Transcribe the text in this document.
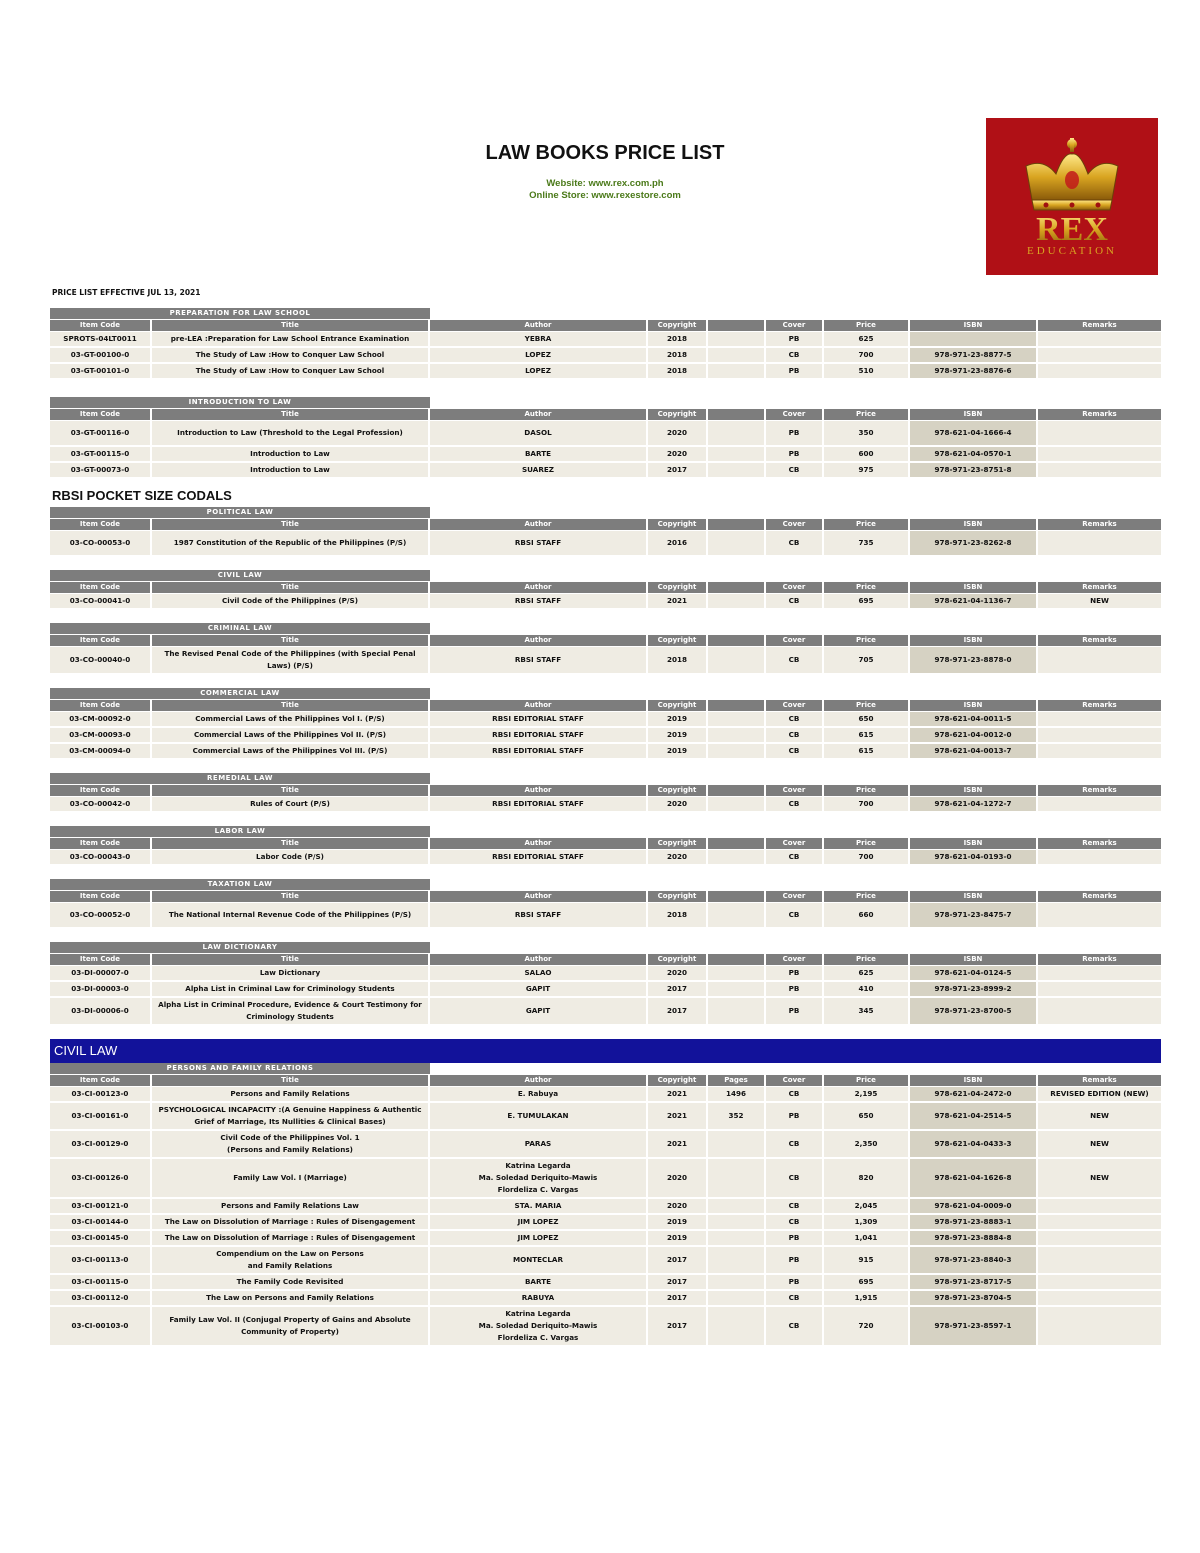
LAW BOOKS PRICE LIST
Website: www.rex.com.ph
Online Store: www.rexestore.com
REX
EDUCATION
PRICE LIST EFFECTIVE JUL 13, 2021
PREPARATION FOR LAW SCHOOL
Item Code	Title	Author	Copyright		Cover	Price	ISBN	Remarks
SPROTS-04LT0011	pre-LEA :Preparation for Law School Entrance Examination	YEBRA	2018		PB	625		
03-GT-00100-0	The Study of Law :How to Conquer Law School	LOPEZ	2018		CB	700	978-971-23-8877-5	
03-GT-00101-0	The Study of Law :How to Conquer Law School	LOPEZ	2018		PB	510	978-971-23-8876-6	
INTRODUCTION TO LAW
Item Code	Title	Author	Copyright		Cover	Price	ISBN	Remarks
03-GT-00116-0	Introduction to Law (Threshold to the Legal Profession)	DASOL	2020		PB	350	978-621-04-1666-4	
03-GT-00115-0	Introduction to Law	BARTE	2020		PB	600	978-621-04-0570-1	
03-GT-00073-0	Introduction to Law	SUAREZ	2017		CB	975	978-971-23-8751-8	
RBSI POCKET SIZE CODALS
POLITICAL LAW
Item Code	Title	Author	Copyright		Cover	Price	ISBN	Remarks
03-CO-00053-0	1987 Constitution of the Republic of the Philippines (P/S)	RBSI STAFF	2016		CB	735	978-971-23-8262-8	
CIVIL LAW
Item Code	Title	Author	Copyright		Cover	Price	ISBN	Remarks
03-CO-00041-0	Civil Code of the Philippines (P/S)	RBSI STAFF	2021		CB	695	978-621-04-1136-7	NEW
CRIMINAL LAW
Item Code	Title	Author	Copyright		Cover	Price	ISBN	Remarks
03-CO-00040-0	The Revised Penal Code of the Philippines (with Special Penal Laws) (P/S)	RBSI STAFF	2018		CB	705	978-971-23-8878-0	
COMMERCIAL LAW
Item Code	Title	Author	Copyright		Cover	Price	ISBN	Remarks
03-CM-00092-0	Commercial Laws of the Philippines Vol I. (P/S)	RBSI EDITORIAL STAFF	2019		CB	650	978-621-04-0011-5	
03-CM-00093-0	Commercial Laws of the Philippines Vol II. (P/S)	RBSI EDITORIAL STAFF	2019		CB	615	978-621-04-0012-0	
03-CM-00094-0	Commercial Laws of the Philippines Vol III. (P/S)	RBSI EDITORIAL STAFF	2019		CB	615	978-621-04-0013-7	
REMEDIAL LAW
Item Code	Title	Author	Copyright		Cover	Price	ISBN	Remarks
03-CO-00042-0	Rules of Court (P/S)	RBSI EDITORIAL STAFF	2020		CB	700	978-621-04-1272-7	
LABOR LAW
Item Code	Title	Author	Copyright		Cover	Price	ISBN	Remarks
03-CO-00043-0	Labor Code (P/S)	RBSI EDITORIAL STAFF	2020		CB	700	978-621-04-0193-0	
TAXATION LAW
Item Code	Title	Author	Copyright		Cover	Price	ISBN	Remarks
03-CO-00052-0	The National Internal Revenue Code of the Philippines (P/S)	RBSI STAFF	2018		CB	660	978-971-23-8475-7	
LAW DICTIONARY
Item Code	Title	Author	Copyright		Cover	Price	ISBN	Remarks
03-DI-00007-0	Law Dictionary	SALAO	2020		PB	625	978-621-04-0124-5	
03-DI-00003-0	Alpha List in Criminal Law for Criminology Students	GAPIT	2017		PB	410	978-971-23-8999-2	
03-DI-00006-0	Alpha List in Criminal Procedure, Evidence & Court Testimony for Criminology Students	GAPIT	2017		PB	345	978-971-23-8700-5	
CIVIL LAW
PERSONS AND FAMILY RELATIONS
Item Code	Title	Author	Copyright	Pages	Cover	Price	ISBN	Remarks
03-CI-00123-0	Persons and Family Relations	E. Rabuya	2021	1496	CB	2,195	978-621-04-2472-0	REVISED EDITION (NEW)
03-CI-00161-0	PSYCHOLOGICAL INCAPACITY :(A Genuine Happiness & Authentic Grief of Marriage, Its Nullities & Clinical Bases)	E. TUMULAKAN	2021	352	PB	650	978-621-04-2514-5	NEW
03-CI-00129-0	Civil Code of the Philippines Vol. 1
(Persons and Family Relations)	PARAS	2021		CB	2,350	978-621-04-0433-3	NEW
03-CI-00126-0	Family Law Vol. I (Marriage)	Katrina Legarda
Ma. Soledad Deriquito-Mawis
Flordeliza C. Vargas	2020		CB	820	978-621-04-1626-8	NEW
03-CI-00121-0	Persons and Family Relations Law	STA. MARIA	2020		CB	2,045	978-621-04-0009-0	
03-CI-00144-0	The Law on Dissolution of Marriage : Rules of Disengagement	JIM LOPEZ	2019		CB	1,309	978-971-23-8883-1	
03-CI-00145-0	The Law on Dissolution of Marriage : Rules of Disengagement	JIM LOPEZ	2019		PB	1,041	978-971-23-8884-8	
03-CI-00113-0	Compendium on the Law on Persons
and Family Relations	MONTECLAR	2017		PB	915	978-971-23-8840-3	
03-CI-00115-0	The Family Code Revisited	BARTE	2017		PB	695	978-971-23-8717-5	
03-CI-00112-0	The Law on Persons and Family Relations	RABUYA	2017		CB	1,915	978-971-23-8704-5	
03-CI-00103-0	Family Law Vol. II (Conjugal Property of Gains and Absolute Community of Property)	Katrina Legarda
Ma. Soledad Deriquito-Mawis
Flordeliza C. Vargas	2017		CB	720	978-971-23-8597-1	
